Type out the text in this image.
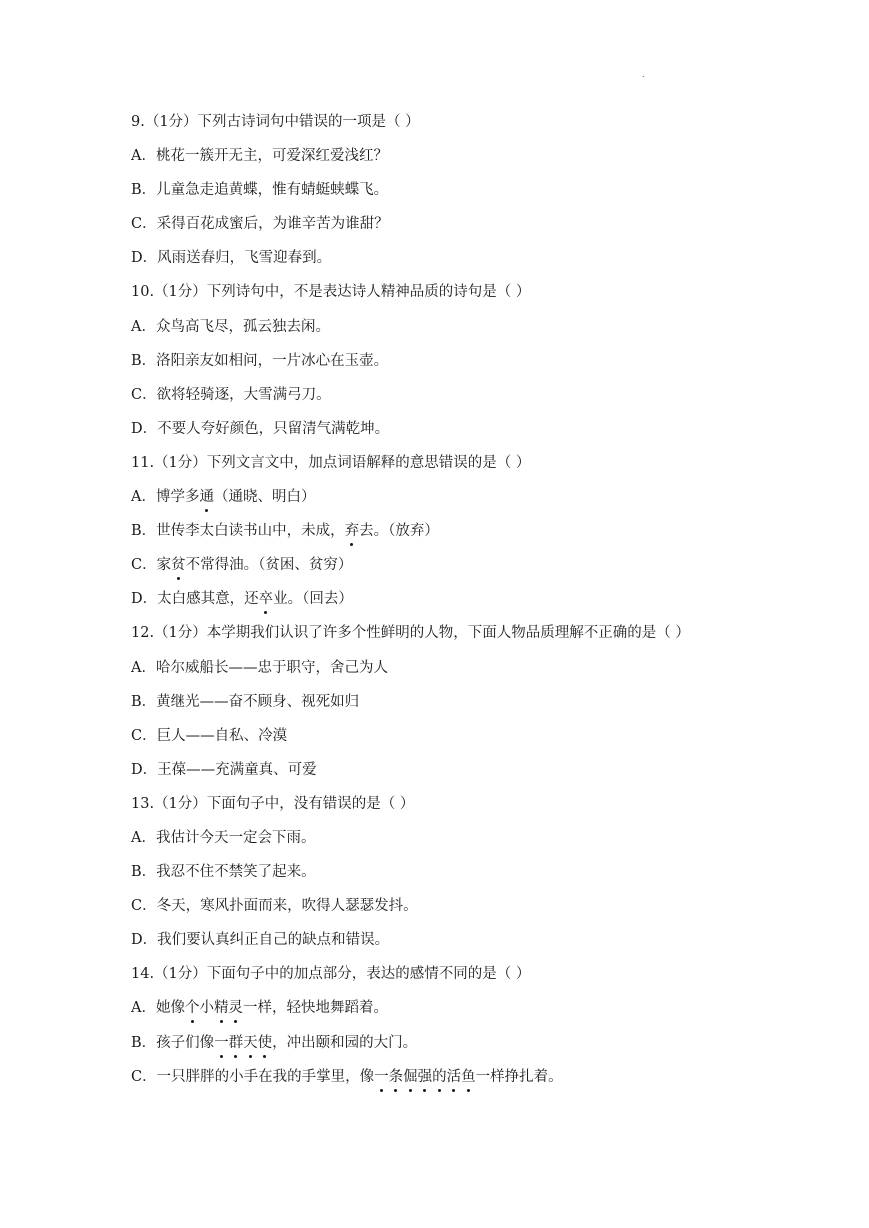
.
9.（1分）下列古诗词句中错误的一项是（ ）
A．桃花一簇开无主，可爱深红爱浅红？
B．儿童急走追黄蝶，惟有蜻蜓蛱蝶飞。
C．采得百花成蜜后，为谁辛苦为谁甜？
D．风雨送春归，飞雪迎春到。
10.（1分）下列诗句中，不是表达诗人精神品质的诗句是（ ）
A．众鸟高飞尽，孤云独去闲。
B．洛阳亲友如相问，一片冰心在玉壶。
C．欲将轻骑逐，大雪满弓刀。
D．不要人夸好颜色，只留清气满乾坤。
11.（1分）下列文言文中，加点词语解释的意思错误的是（ ）
A．博学多通（通晓、明白）
B．世传李太白读书山中，未成，弃去。（放弃）
C．家贫不常得油。（贫困、贫穷）
D．太白感其意，还卒业。（回去）
12.（1分）本学期我们认识了许多个性鲜明的人物，下面人物品质理解不正确的是（ ）
A．哈尔威船长——忠于职守，舍己为人
B．黄继光——奋不顾身、视死如归
C．巨人——自私、冷漠
D．王葆——充满童真、可爱
13.（1分）下面句子中，没有错误的是（ ）
A．我估计今天一定会下雨。
B．我忍不住不禁笑了起来。
C．冬天，寒风扑面而来，吹得人瑟瑟发抖。
D．我们要认真纠正自己的缺点和错误。
14.（1分）下面句子中的加点部分，表达的感情不同的是（ ）
A．她像个小精灵一样，轻快地舞蹈着。
B．孩子们像一群天使，冲出颐和园的大门。
C．一只胖胖的小手在我的手掌里，像一条倔强的活鱼一样挣扎着。
